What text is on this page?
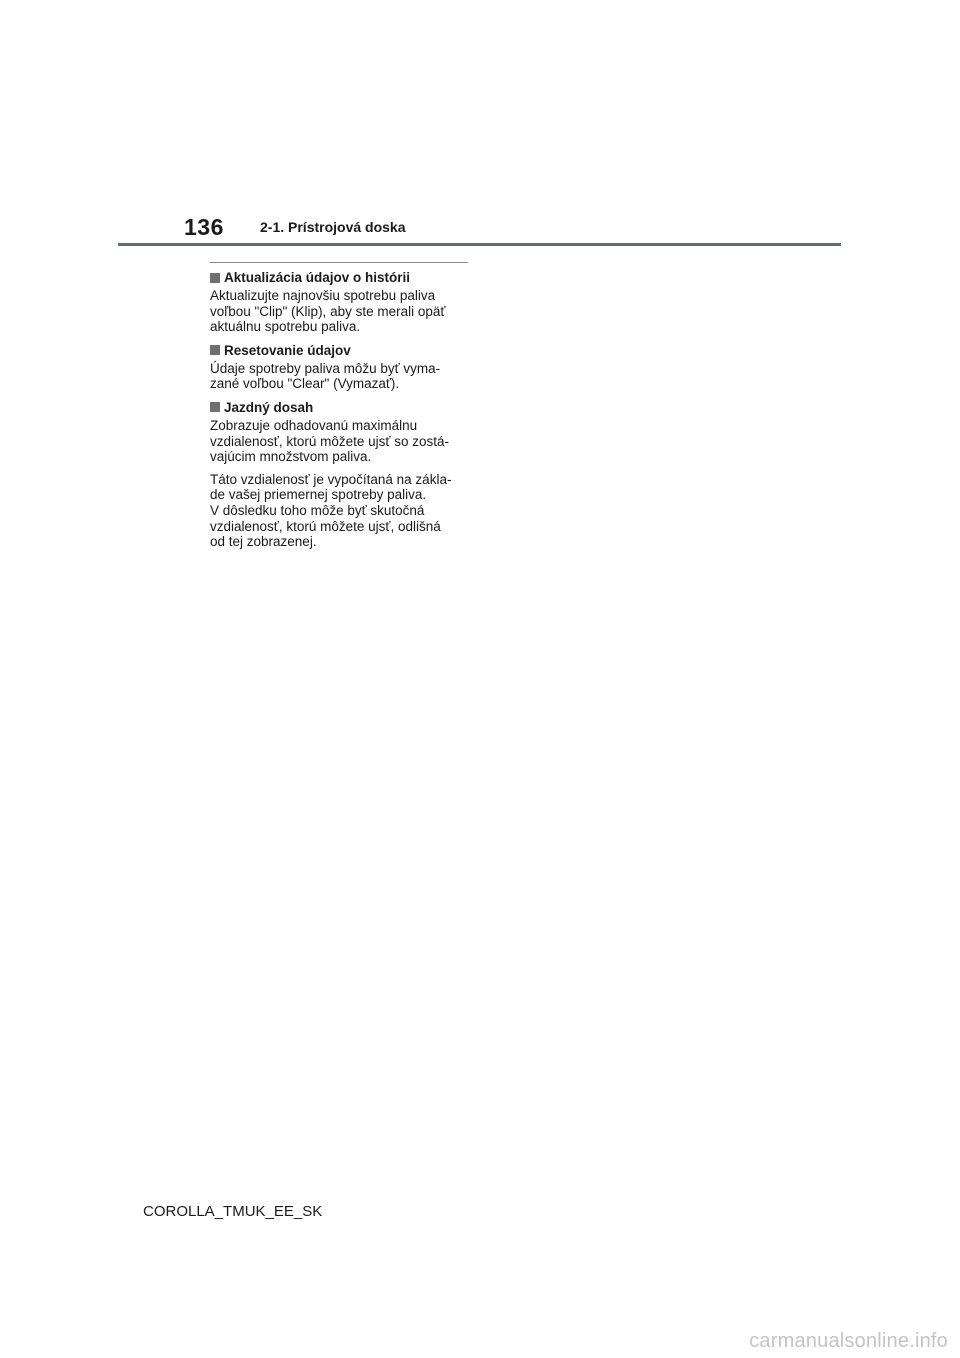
136	2-1. Prístrojová doska
Aktualizácia údajov o histórii

Aktualizujte najnovšiu spotrebu paliva
voľbou "Clip" (Klip), aby ste merali opäť
aktuálnu spotrebu paliva.

Resetovanie údajov

Údaje spotreby paliva môžu byť vyma-
zané voľbou "Clear" (Vymazať).

Jazdný dosah

Zobrazuje odhadovanú maximálnu
vzdialenosť, ktorú môžete ujsť so zostá-
vajúcim množstvom paliva.

Táto vzdialenosť je vypočítaná na zákla-
de vašej priemernej spotreby paliva.
V dôsledku toho môže byť skutočná
vzdialenosť, ktorú môžete ujsť, odlišná
od tej zobrazenej.

COROLLA_TMUK_EE_SK
carmanualsonline.info
